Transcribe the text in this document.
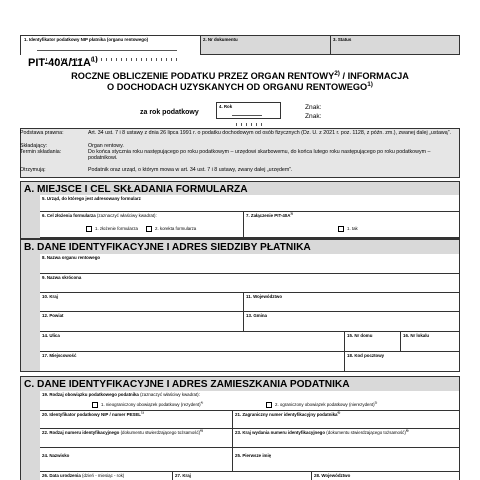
1. Identyfikator podatkowy NIP płatnika (organu rentowego)	2. Nr dokumentu	3. Status
PIT-$40A/11A^{1)}$
ROCZNE OBLICZENIE PODATKU PRZEZ ORGAN RENTOWY$^{2)}$ / INFORMACJA
O DOCHODACH UZYSKANYCH OD ORGANU RENTOWEGO$^{1)}$
za rok podatkowy
4. Rok	Znak:
Znak:
Podstawa prawna:	Art. 34 ust. 7 i 8 ustawy z dnia 26 lipca 1991 r. o podatku dochodowym od osób fizycznych (Dz. U. z 2021 r. poz. 1128, z późn. zm.), zwanej dalej „ustawą”.
Składający:	Organ rentowy.
Termin składania:	Do końca stycznia roku następującego po roku podatkowym – urzędowi skarbowemu, do końca lutego roku następującego po roku podatkowym – podatnikowi.
Otrzymują:	Podatnik oraz urząd, o którym mowa w art. 34 ust. 7 i 8 ustawy, zwany dalej „urzędem”.
A. MIEJSCE I CEL SKŁADANIA FORMULARZA
5. Urząd, do którego jest adresowany formularz
6. Cel złożenia formularza (zaznaczyć właściwy kwadrat):
1. złożenie formularza	2. korekta formularza
7. Załączenie PIT-$40A^{3)}$
1. tak
B. DANE IDENTYFIKACYJNE I ADRES SIEDZIBY PŁATNIKA
8. Nazwa organu rentowego
9. Nazwa skrócona
10. Kraj	11. Województwo
12. Powiat	13. Gmina
14. Ulica	15. Nr domu	16. Nr lokalu
17. Miejscowość	18. Kod pocztowy
C. DANE IDENTYFIKACYJNE I ADRES ZAMIESZKANIA PODATNIKA
19. Rodzaj obowiązku podatkowego podatnika (zaznaczyć właściwy kwadrat):
1. nieograniczony obowiązek podatkowy (rezydent)$^{4)}$	2. ograniczony obowiązek podatkowy (nierezydent)$^{5)}$
20. Identyfikator podatkowy NIP / numer PESEL$^{1)}$	21. Zagraniczny numer identyfikacyjny podatnika$^{6)}$
22. Rodzaj numeru identyfikacyjnego (dokumentu stwierdzającego tożsamość)$^{6)}$	23. Kraj wydania numeru identyfikacyjnego (dokumentu stwierdzającego tożsamość)$^{6)}$
24. Nazwisko	25. Pierwsze imię
26. Data urodzenia (dzień - miesiąc - rok)	27. Kraj	28. Województwo
